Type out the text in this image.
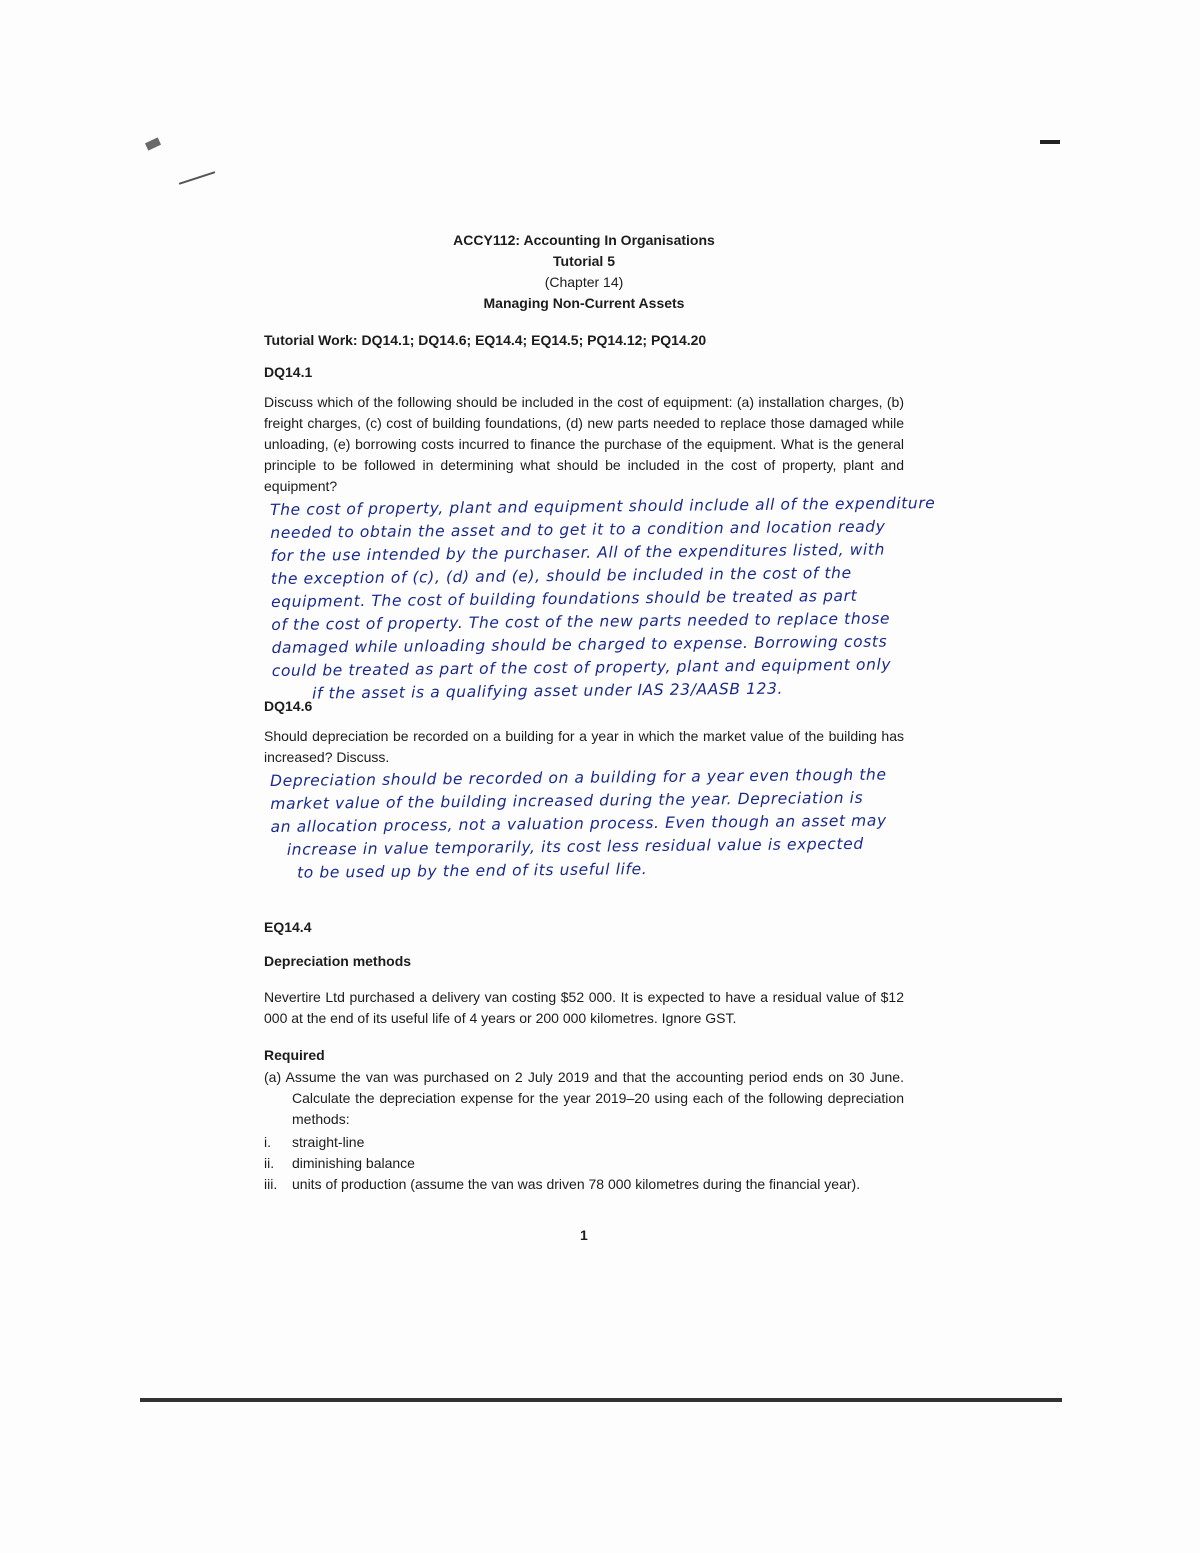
ACCY112: Accounting In Organisations
Tutorial 5
(Chapter 14)
Managing Non-Current Assets
Tutorial Work: DQ14.1; DQ14.6; EQ14.4; EQ14.5; PQ14.12; PQ14.20
DQ14.1
Discuss which of the following should be included in the cost of equipment: (a) installation charges, (b) freight charges, (c) cost of building foundations, (d) new parts needed to replace those damaged while unloading, (e) borrowing costs incurred to finance the purchase of the equipment. What is the general principle to be followed in determining what should be included in the cost of property, plant and equipment?
The cost of property, plant and equipment should include all of the expenditure
needed to obtain the asset and to get it to a condition and location ready
for the use intended by the purchaser. All of the expenditures listed, with
the exception of (c), (d) and (e), should be included in the cost of the
equipment. The cost of building foundations should be treated as part
of the cost of property. The cost of the new parts needed to replace those
damaged while unloading should be charged to expense. Borrowing costs
could be treated as part of the cost of property, plant and equipment only
if the asset is a qualifying asset under IAS 23/AASB 123.
DQ14.6
Should depreciation be recorded on a building for a year in which the market value of the building has increased? Discuss.
Depreciation should be recorded on a building for a year even though the
market value of the building increased during the year. Depreciation is
an allocation process, not a valuation process. Even though an asset may
increase in value temporarily, its cost less residual value is expected
to be used up by the end of its useful life.
EQ14.4
Depreciation methods
Nevertire Ltd purchased a delivery van costing $52 000. It is expected to have a residual value of $12 000 at the end of its useful life of 4 years or 200 000 kilometres. Ignore GST.
Required
(a) Assume the van was purchased on 2 July 2019 and that the accounting period ends on 30 June. Calculate the depreciation expense for the year 2019–20 using each of the following depreciation methods:
i.	straight-line
ii.	diminishing balance
iii.	units of production (assume the van was driven 78 000 kilometres during the financial year).
1
